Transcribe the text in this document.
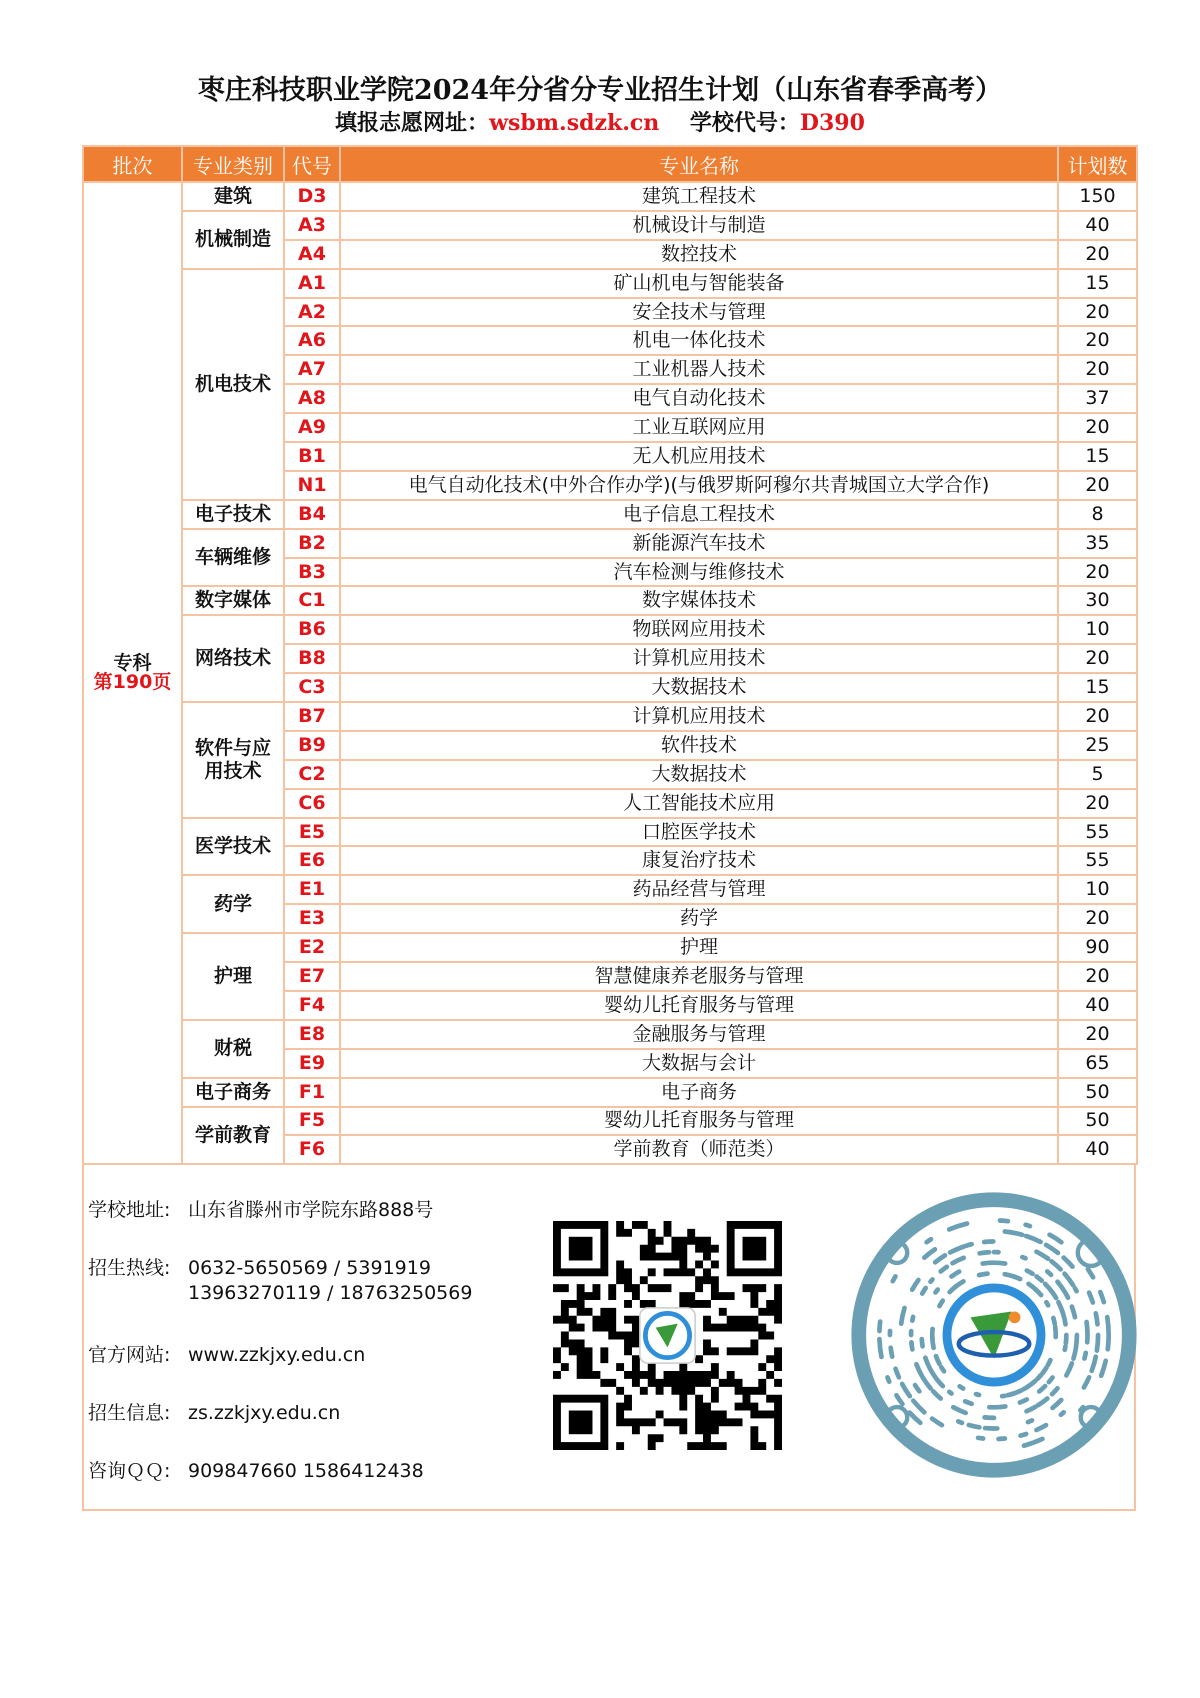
枣庄科技职业学院2024年分省分专业招生计划（山东省春季高考）
填报志愿网址：wsbm.sdzk.cn 学校代号：D390
批次	专业类别	代号	专业名称	计划数

专科
第190页	建筑	D3	建筑工程技术	150
	机械制造	A3	机械设计与制造	40
		A4	数控技术	20
	机电技术	A1	矿山机电与智能装备	15
		A2	安全技术与管理	20
		A6	机电一体化技术	20
		A7	工业机器人技术	20
		A8	电气自动化技术	37
		A9	工业互联网应用	20
		B1	无人机应用技术	15
		N1	电气自动化技术(中外合作办学)(与俄罗斯阿穆尔共青城国立大学合作)	20
	电子技术	B4	电子信息工程技术	8
	车辆维修	B2	新能源汽车技术	35
		B3	汽车检测与维修技术	20
	数字媒体	C1	数字媒体技术	30
	网络技术	B6	物联网应用技术	10
		B8	计算机应用技术	20
		C3	大数据技术	15
	软件与应用技术	B7	计算机应用技术	20
		B9	软件技术	25
		C2	大数据技术	5
		C6	人工智能技术应用	20
	医学技术	E5	口腔医学技术	55
		E6	康复治疗技术	55
	药学	E1	药品经营与管理	10
		E3	药学	20
	护理	E2	护理	90
		E7	智慧健康养老服务与管理	20
		F4	婴幼儿托育服务与管理	40
	财税	E8	金融服务与管理	20
		E9	大数据与会计	65
	电子商务	F1	电子商务	50
	学前教育	F5	婴幼儿托育服务与管理	50
		F6	学前教育（师范类）	40
学校地址: 山东省滕州市学院东路888号
招生热线: 0632-5650569 / 5391919
13963270119 / 18763250569
官方网站: www.zzkjxy.edu.cn
招生信息: zs.zzkjxy.edu.cn
咨询ＱＱ: 909847660 1586412438
